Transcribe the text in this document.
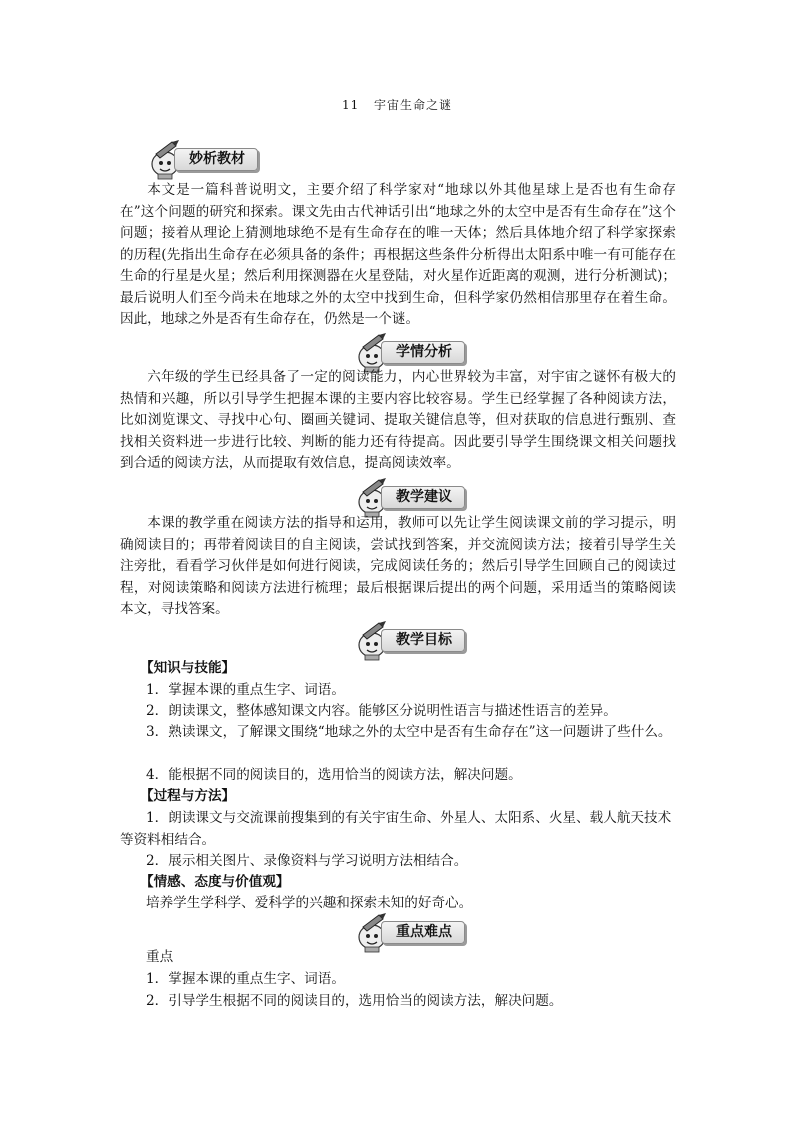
11 宇宙生命之谜
妙析教材
本文是一篇科普说明文，主要介绍了科学家对“地球以外其他星球上是否也有生命存在”这个问题的研究和探索。课文先由古代神话引出“地球之外的太空中是否有生命存在”这个问题；接着从理论上猜测地球绝不是有生命存在的唯一天体；然后具体地介绍了科学家探索的历程(先指出生命存在必须具备的条件；再根据这些条件分析得出太阳系中唯一有可能存在生命的行星是火星；然后利用探测器在火星登陆，对火星作近距离的观测，进行分析测试)；最后说明人们至今尚未在地球之外的太空中找到生命，但科学家仍然相信那里存在着生命。因此，地球之外是否有生命存在，仍然是一个谜。
学情分析
六年级的学生已经具备了一定的阅读能力，内心世界较为丰富，对宇宙之谜怀有极大的热情和兴趣，所以引导学生把握本课的主要内容比较容易。学生已经掌握了各种阅读方法，比如浏览课文、寻找中心句、圈画关键词、提取关键信息等，但对获取的信息进行甄别、查找相关资料进一步进行比较、判断的能力还有待提高。因此要引导学生围绕课文相关问题找到合适的阅读方法，从而提取有效信息，提高阅读效率。
教学建议
本课的教学重在阅读方法的指导和运用，教师可以先让学生阅读课文前的学习提示，明确阅读目的；再带着阅读目的自主阅读，尝试找到答案，并交流阅读方法；接着引导学生关注旁批，看看学习伙伴是如何进行阅读，完成阅读任务的；然后引导学生回顾自己的阅读过程，对阅读策略和阅读方法进行梳理；最后根据课后提出的两个问题，采用适当的策略阅读本文，寻找答案。
教学目标
【知识与技能】
1．掌握本课的重点生字、词语。
2．朗读课文，整体感知课文内容。能够区分说明性语言与描述性语言的差异。
3．熟读课文，了解课文围绕“地球之外的太空中是否有生命存在”这一问题讲了些什么。
4．能根据不同的阅读目的，选用恰当的阅读方法，解决问题。
【过程与方法】
1．朗读课文与交流课前搜集到的有关宇宙生命、外星人、太阳系、火星、载人航天技术等资料相结合。
2．展示相关图片、录像资料与学习说明方法相结合。
【情感、态度与价值观】
培养学生学科学、爱科学的兴趣和探索未知的好奇心。
重点难点
重点
1．掌握本课的重点生字、词语。
2．引导学生根据不同的阅读目的，选用恰当的阅读方法，解决问题。
